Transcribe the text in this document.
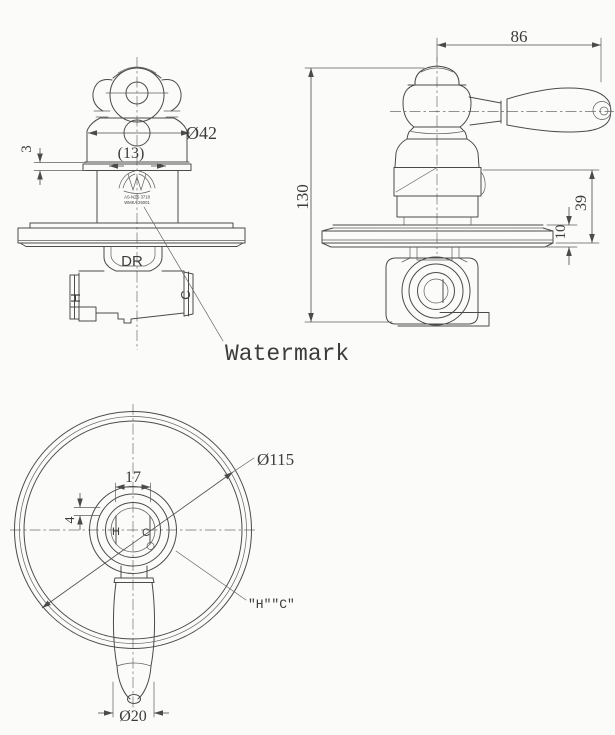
Ø42
(13)
3
DR
H	C
AS-NZS 3718
WMKA 25001
Watermark
86
130	39
10
Ø115
17
4
Ø20
H C
"H""C"
